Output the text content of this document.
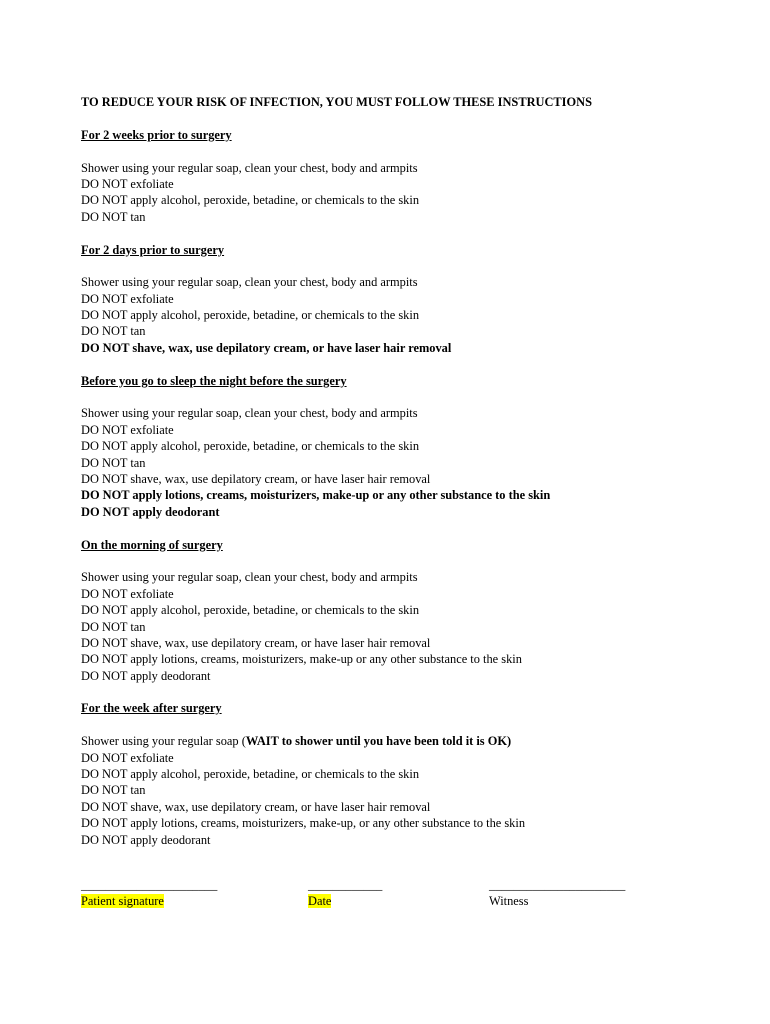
TO REDUCE YOUR RISK OF INFECTION, YOU MUST FOLLOW THESE INSTRUCTIONS
For 2 weeks prior to surgery
Shower using your regular soap, clean your chest, body and armpits
DO NOT exfoliate
DO NOT apply alcohol, peroxide, betadine, or chemicals to the skin
DO NOT tan
For 2 days prior to surgery
Shower using your regular soap, clean your chest, body and armpits
DO NOT exfoliate
DO NOT apply alcohol, peroxide, betadine, or chemicals to the skin
DO NOT tan
DO NOT shave, wax, use depilatory cream, or have laser hair removal
Before you go to sleep the night before the surgery
Shower using your regular soap, clean your chest, body and armpits
DO NOT exfoliate
DO NOT apply alcohol, peroxide, betadine, or chemicals to the skin
DO NOT tan
DO NOT shave, wax, use depilatory cream, or have laser hair removal
DO NOT apply lotions, creams, moisturizers, make-up or any other substance to the skin
DO NOT apply deodorant
On the morning of surgery
Shower using your regular soap, clean your chest, body and armpits
DO NOT exfoliate
DO NOT apply alcohol, peroxide, betadine, or chemicals to the skin
DO NOT tan
DO NOT shave, wax, use depilatory cream, or have laser hair removal
DO NOT apply lotions, creams, moisturizers, make-up or any other substance to the skin
DO NOT apply deodorant
For the week after surgery
Shower using your regular soap (WAIT to shower until you have been told it is OK)
DO NOT exfoliate
DO NOT apply alcohol, peroxide, betadine, or chemicals to the skin
DO NOT tan
DO NOT shave, wax, use depilatory cream, or have laser hair removal
DO NOT apply lotions, creams, moisturizers, make-up, or any other substance to the skin
DO NOT apply deodorant
______________________
Patient signature
____________
Date
______________________
Witness
